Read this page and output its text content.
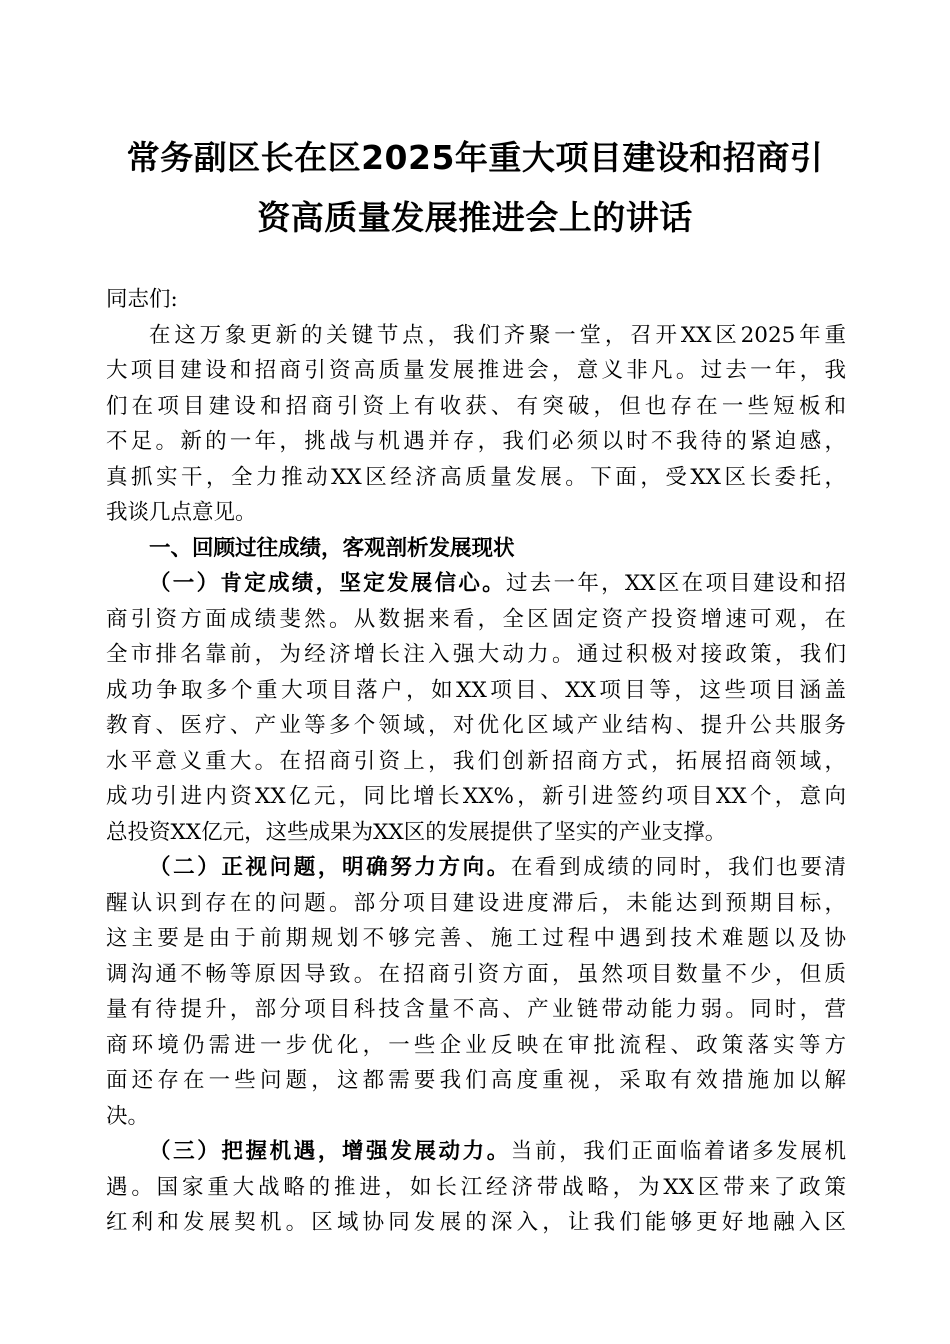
常务副区长在区2025年重大项目建设和招商引
资高质量发展推进会上的讲话
同志们:
在这万象更新的关键节点，我们齐聚一堂，召开XX区2025年重
大项目建设和招商引资高质量发展推进会，意义非凡。过去一年，我
们在项目建设和招商引资上有收获、有突破，但也存在一些短板和
不足。新的一年，挑战与机遇并存，我们必须以时不我待的紧迫感，
真抓实干，全力推动XX区经济高质量发展。下面，受XX区长委托，
我谈几点意见。
一、回顾过往成绩，客观剖析发展现状
（一）肯定成绩，坚定发展信心。过去一年，XX区在项目建设和招
商引资方面成绩斐然。从数据来看，全区固定资产投资增速可观，在
全市排名靠前，为经济增长注入强大动力。通过积极对接政策，我们
成功争取多个重大项目落户，如XX项目、XX项目等，这些项目涵盖
教育、医疗、产业等多个领域，对优化区域产业结构、提升公共服务
水平意义重大。在招商引资上，我们创新招商方式，拓展招商领域，
成功引进内资XX亿元，同比增长XX%，新引进签约项目XX个，意向
总投资XX亿元，这些成果为XX区的发展提供了坚实的产业支撑。
（二）正视问题，明确努力方向。在看到成绩的同时，我们也要清
醒认识到存在的问题。部分项目建设进度滞后，未能达到预期目标，
这主要是由于前期规划不够完善、施工过程中遇到技术难题以及协
调沟通不畅等原因导致。在招商引资方面，虽然项目数量不少，但质
量有待提升，部分项目科技含量不高、产业链带动能力弱。同时，营
商环境仍需进一步优化，一些企业反映在审批流程、政策落实等方
面还存在一些问题，这都需要我们高度重视，采取有效措施加以解
决。
（三）把握机遇，增强发展动力。当前，我们正面临着诸多发展机
遇。国家重大战略的推进，如长江经济带战略，为XX区带来了政策
红利和发展契机。区域协同发展的深入，让我们能够更好地融入区
